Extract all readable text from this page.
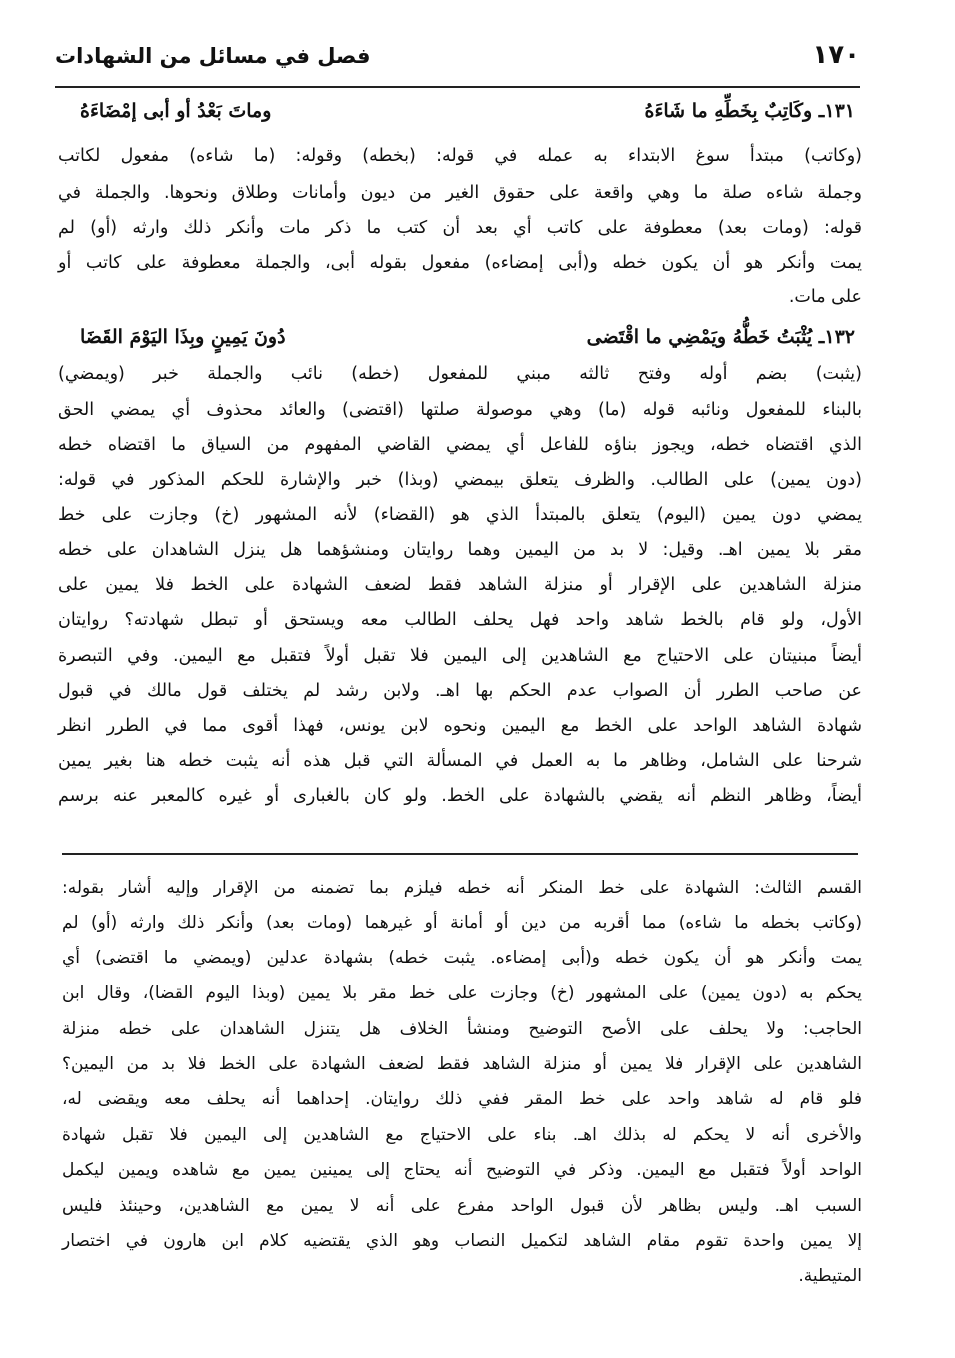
١٧٠
فصل في مسائل من الشهادات
١٣١ـ وكَاتِبٌ بِخَطِّهِ ما شَاءَهُ
وماتَ بَعْدُ أو أبى إمْضَاءَهُ
(وكاتب) مبتدأ سوغ الابتداء به عمله في قوله: (بخطه) وقوله: (ما شاءه) مفعول لكاتب
وجملة شاءه صلة ما وهي واقعة على حقوق الغير من ديون وأمانات وطلاق ونحوها. والجملة في
قوله: (ومات بعد) معطوفة على كاتب أي بعد أن كتب ما ذكر مات وأنكر ذلك وارثه (أو) لم
يمت وأنكر هو أن يكون خطه و(أبى إمضاءه) مفعول بقوله أبى، والجملة معطوفة على كاتب أو
على مات.
١٣٢ـ يُثْبَتُ خَطُّهُ ويَمْضِي ما اقْتَضى
دُونَ يَمِينٍ وبِذَا اليَوْمَ القَضَا
(يثبت) بضم أوله وفتح ثالثه مبني للمفعول (خطه) نائب والجملة خبر (ويمضي)
بالبناء للمفعول ونائبه قوله (ما) وهي موصولة صلتها (اقتضى) والعائد محذوف أي يمضي الحق
الذي اقتضاه خطه، ويجوز بناؤه للفاعل أي يمضي القاضي المفهوم من السياق ما اقتضاه خطه
(دون يمين) على الطالب. والظرف يتعلق بيمضي (وبذا) خبر والإشارة للحكم المذكور في قوله:
يمضي دون يمين (اليوم) يتعلق بالمبتدأ الذي هو (القضاء) لأنه المشهور (خ) وجازت على خط
مقر بلا يمين اهـ. وقيل: لا بد من اليمين وهما روايتان ومنشؤهما هل ينزل الشاهدان على خطه
منزلة الشاهدين على الإقرار أو منزلة الشاهد فقط لضعف الشهادة على الخط فلا يمين على
الأول، ولو قام بالخط شاهد واحد فهل يحلف الطالب معه ويستحق أو تبطل شهادته؟ روايتان
أيضاً مبنيتان على الاحتياج مع الشاهدين إلى اليمين فلا تقبل أولاً فتقبل مع اليمين. وفي التبصرة
عن صاحب الطرر أن الصواب عدم الحكم بها اهـ. ولابن رشد لم يختلف قول مالك في قبول
شهادة الشاهد الواحد على الخط مع اليمين ونحوه لابن يونس، فهذا أقوى مما في الطرر انظر
شرحنا على الشامل، وظاهر ما به العمل في المسألة التي قبل هذه أنه يثبت خطه هنا بغير يمين
أيضاً، وظاهر النظم أنه يقضي بالشهادة على الخط. ولو كان بالغبارى أو غيره كالمعبر عنه برسم
القسم الثالث: الشهادة على خط المنكر أنه خطه فيلزم بما تضمنه من الإقرار وإليه أشار بقوله:
(وكاتب بخطه ما شاءه) مما أقربه من دين أو أمانة أو غيرهما (ومات بعد) وأنكر ذلك وارثه (أو) لم
يمت وأنكر هو أن يكون خطه و(أبى إمضاءه. يثبت خطه) بشهادة عدلين (ويمضي ما اقتضى) أي
يحكم به (دون يمين) على المشهور (خ) وجازت على خط مقر بلا يمين (وبذا اليوم القضا)، وقال ابن
الحاجب: ولا يحلف على الأصح التوضيح ومنشأ الخلاف هل يتنزل الشاهدان على خطه منزلة
الشاهدين على الإقرار فلا يمين أو منزلة الشاهد فقط لضعف الشهادة على الخط فلا بد من اليمين؟
فلو قام له شاهد واحد على خط المقر ففي ذلك روايتان. إحداهما أنه يحلف معه ويقضى له،
والأخرى أنه لا يحكم له بذلك اهـ. بناء على الاحتياج مع الشاهدين إلى اليمين فلا تقبل شهادة
الواحد أولاً فتقبل مع اليمين. وذكر في التوضيح أنه يحتاج إلى يمينين يمين مع شاهده ويمين ليكمل
السبب اهـ. وليس بظاهر لأن قبول الواحد مفرع على أنه لا يمين مع الشاهدين، وحينئذ فليس
إلا يمين واحدة تقوم مقام الشاهد لتكميل النصاب وهو الذي يقتضيه كلام ابن هارون في اختصار
المتيطية.
